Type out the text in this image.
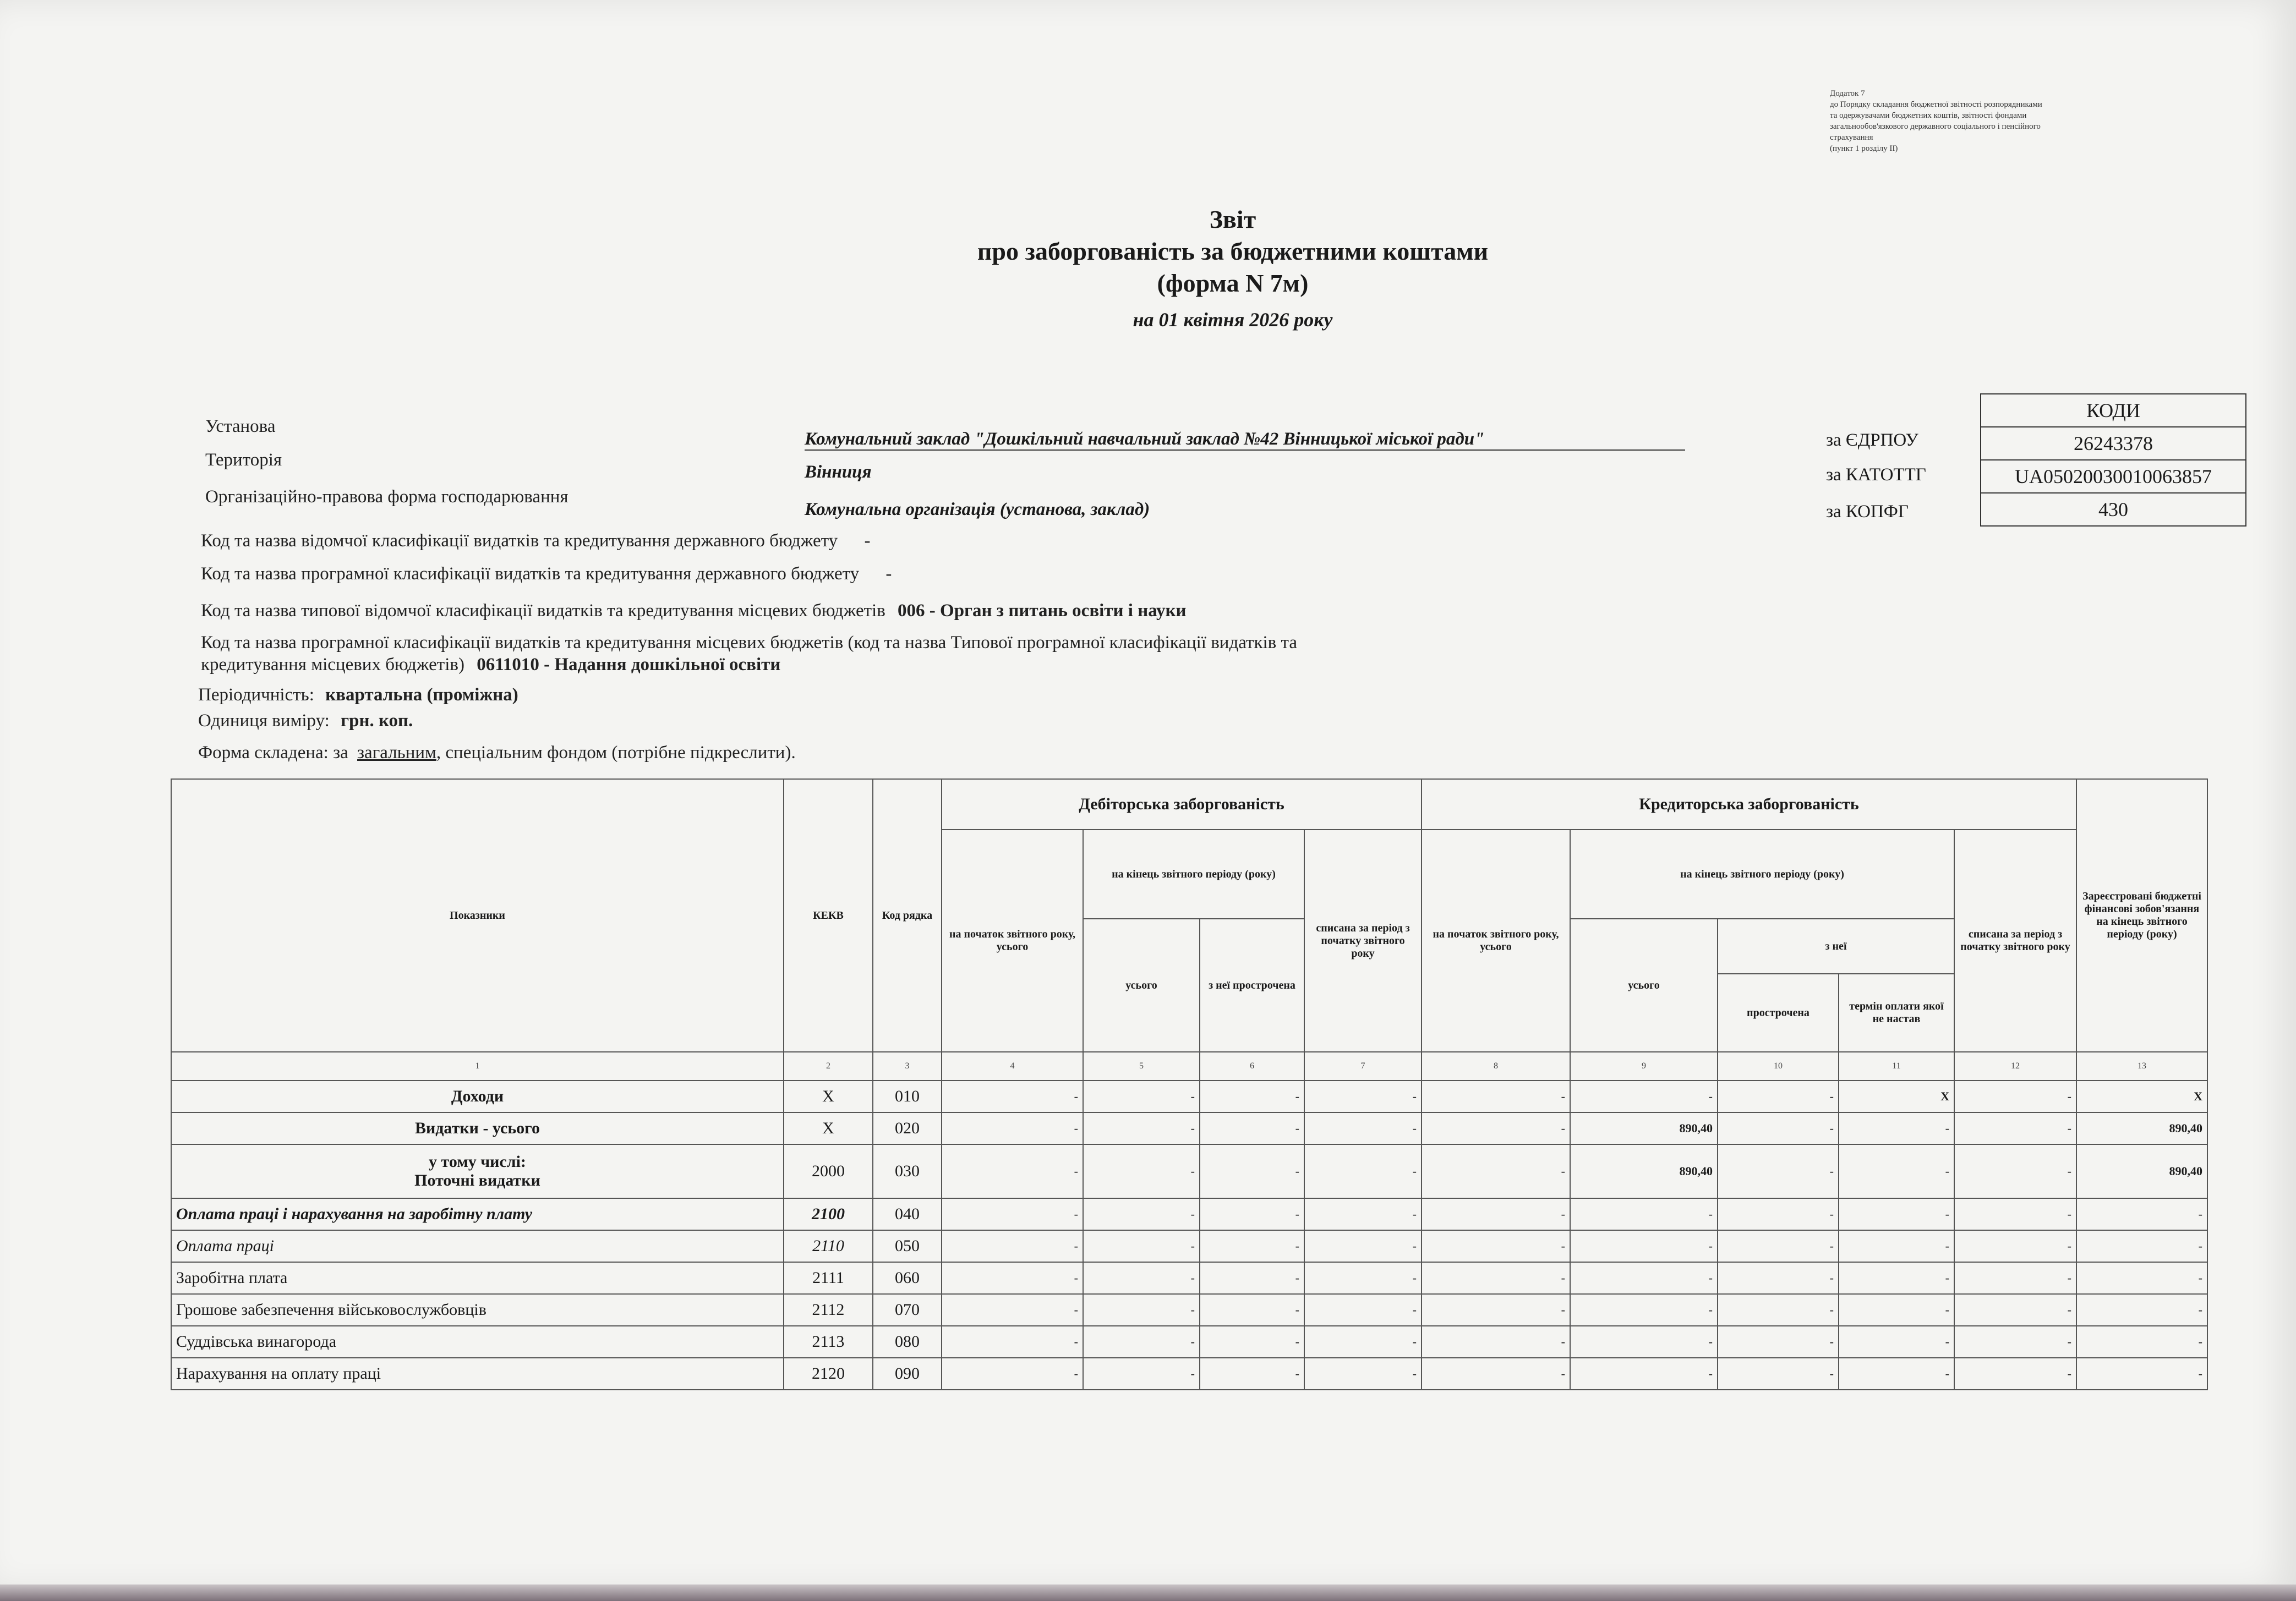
Додаток 7
до Порядку складання бюджетної звітності розпорядниками
та одержувачами бюджетних коштів, звітності фондами
загальнообов'язкового державного соціального і пенсійного
страхування
(пункт 1 розділу II)
Звіт
про заборгованість за бюджетними коштами
(форма N 7м)
на 01 квітня 2026 року
Установа
Комунальний заклад "Дошкільний навчальний заклад №42 Вінницької міської ради"
Територія
Вінниця
Організаційно-правова форма господарювання
Комунальна організація (установа, заклад)
за ЄДРПОУ
за КАТОТТГ
за КОПФГ
КОДИ
26243378
UA05020030010063857
430
Код та назва відомчої класифікації видатків та кредитування державного бюджету -
Код та назва програмної класифікації видатків та кредитування державного бюджету -
Код та назва типової відомчої класифікації видатків та кредитування місцевих бюджетів 006 - Орган з питань освіти і науки
Код та назва програмної класифікації видатків та кредитування місцевих бюджетів (код та назва Типової програмної класифікації видатків та
кредитування місцевих бюджетів) 0611010 - Надання дошкільної освіти
Періодичність: квартальна (проміжна)
Одиниця виміру: грн. коп.
Форма складена: за загальним, спеціальним фондом (потрібне підкреслити).
Показники	КЕКВ	Код рядка	Дебіторська заборгованість				Кредиторська заборгованість					Зареєстровані бюджетні фінансові зобов'язання на кінець звітного періоду (року)
			на початок звітного року, усього	на кінець звітного періоду (року)		списана за період з початку звітного року	на початок звітного року, усього	на кінець звітного періоду (року)			списана за період з початку звітного року	
				усього	з неї прострочена			усього	з неї			
									прострочена	термін оплати якої не настав		
1	2	3	4	5	6	7	8	9	10	11	12	13
Доходи	X	010	-	-	-	-	-	-	-	X	-	X
Видатки - усього	X	020	-	-	-	-	-	890,40	-	-	-	890,40

у тому числі:
Поточні видатки	2000	030	-	-	-	-	-	890,40	-	-	-	890,40
Оплата праці і нарахування на заробітну плату	2100	040	-	-	-	-	-	-	-	-	-	-
Оплата праці	2110	050	-	-	-	-	-	-	-	-	-	-
Заробітна плата	2111	060	-	-	-	-	-	-	-	-	-	-
Грошове забезпечення військовослужбовців	2112	070	-	-	-	-	-	-	-	-	-	-
Суддівська винагорода	2113	080	-	-	-	-	-	-	-	-	-	-
Нарахування на оплату праці	2120	090	-	-	-	-	-	-	-	-	-	-
